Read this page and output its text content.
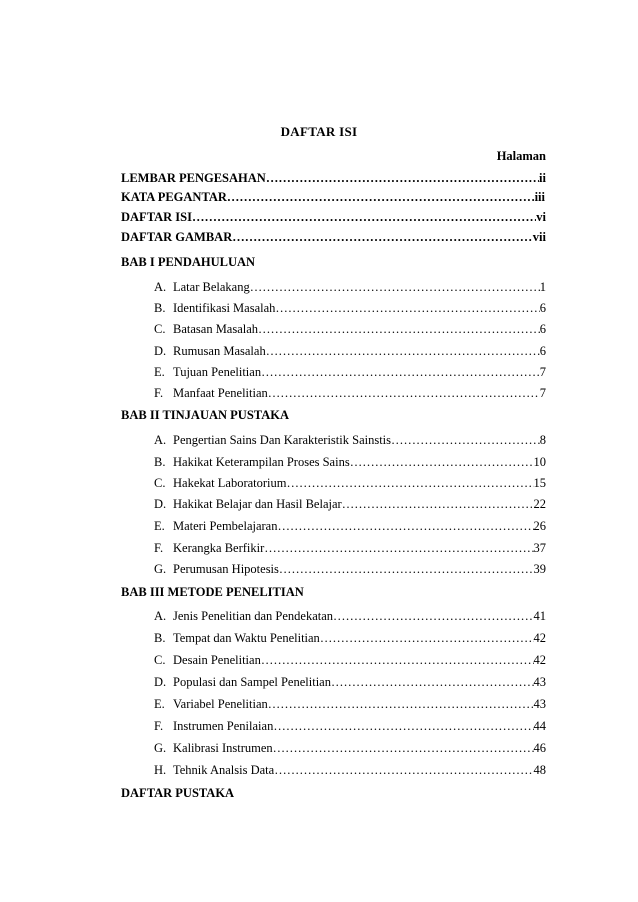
DAFTAR ISI
Halaman
LEMBAR PENGESAHAN …………………………………………………………………………………………………………………………………………………………………………	ii
KATA PEGANTAR …………………………………………………………………………………………………………………………………………………………………………	iii
DAFTAR ISI …………………………………………………………………………………………………………………………………………………………………………	vi
DAFTAR GAMBAR …………………………………………………………………………………………………………………………………………………………………………	vii
BAB I PENDAHULUAN
A. Latar Belakang …………………………………………………………………………………………………………………………………………………………………………	1
B. Identifikasi Masalah …………………………………………………………………………………………………………………………………………………………………………	6
C. Batasan Masalah …………………………………………………………………………………………………………………………………………………………………………	6
D. Rumusan Masalah …………………………………………………………………………………………………………………………………………………………………………	6
E. Tujuan Penelitian …………………………………………………………………………………………………………………………………………………………………………	7
F. Manfaat Penelitian …………………………………………………………………………………………………………………………………………………………………………	7
BAB II TINJAUAN PUSTAKA
A. Pengertian Sains Dan Karakteristik Sainstis …………………………………………………………………………………………………………………………………………………………………………	8
B. Hakikat Keterampilan Proses Sains …………………………………………………………………………………………………………………………………………………………………………	10
C. Hakekat Laboratorium …………………………………………………………………………………………………………………………………………………………………………	15
D. Hakikat Belajar dan Hasil Belajar …………………………………………………………………………………………………………………………………………………………………………	22
E. Materi Pembelajaran …………………………………………………………………………………………………………………………………………………………………………	26
F. Kerangka Berfikir …………………………………………………………………………………………………………………………………………………………………………	37
G. Perumusan Hipotesis …………………………………………………………………………………………………………………………………………………………………………	39
BAB III METODE PENELITIAN
A. Jenis Penelitian dan Pendekatan …………………………………………………………………………………………………………………………………………………………………………	41
B. Tempat dan Waktu Penelitian …………………………………………………………………………………………………………………………………………………………………………	42
C. Desain Penelitian …………………………………………………………………………………………………………………………………………………………………………	42
D. Populasi dan Sampel Penelitian …………………………………………………………………………………………………………………………………………………………………………	43
E. Variabel Penelitian …………………………………………………………………………………………………………………………………………………………………………	43
F. Instrumen Penilaian …………………………………………………………………………………………………………………………………………………………………………	44
G. Kalibrasi Instrumen …………………………………………………………………………………………………………………………………………………………………………	46
H. Tehnik Analsis Data …………………………………………………………………………………………………………………………………………………………………………	48
DAFTAR PUSTAKA
